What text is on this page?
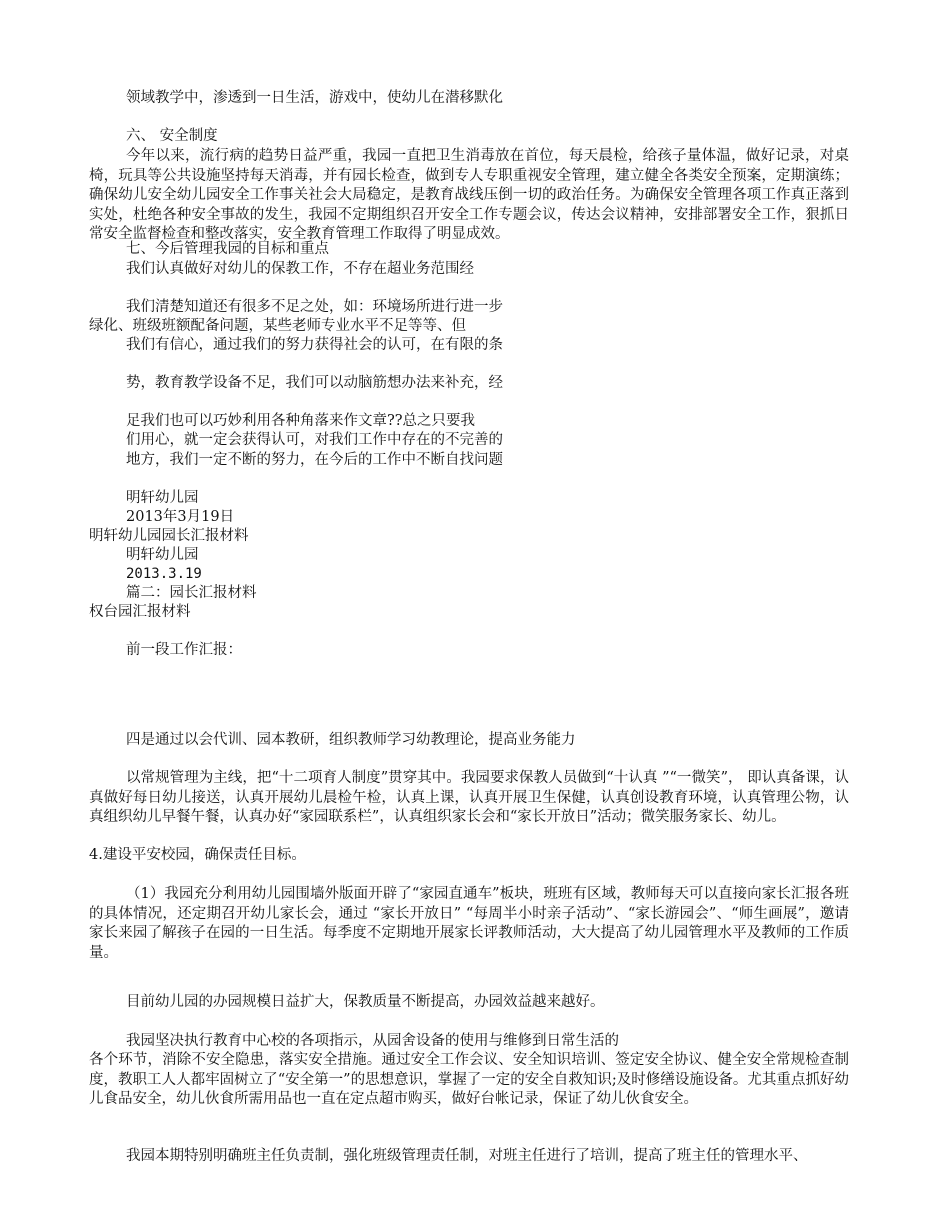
领域教学中，渗透到一日生活，游戏中，使幼儿在潜移默化
六、 安全制度
今年以来，流行病的趋势日益严重，我园一直把卫生消毒放在首位，每天晨检，给孩子量体温，做好记录，对桌椅，玩具等公共设施坚持每天消毒，并有园长检查，做到专人专职重视安全管理，建立健全各类安全预案，定期演练；确保幼儿安全幼儿园安全工作事关社会大局稳定，是教育战线压倒一切的政治任务。为确保安全管理各项工作真正落到实处，杜绝各种安全事故的发生，我园不定期组织召开安全工作专题会议，传达会议精神，安排部署安全工作，狠抓日常安全监督检查和整改落实，安全教育管理工作取得了明显成效。
七、今后管理我园的目标和重点
我们认真做好对幼儿的保教工作，不存在超业务范围经
我们清楚知道还有很多不足之处，如：环境场所进行进一步
绿化、班级班额配备问题，某些老师专业水平不足等等、但
我们有信心，通过我们的努力获得社会的认可，在有限的条
势，教育教学设备不足，我们可以动脑筋想办法来补充，经
足我们也可以巧妙利用各种角落来作文章??总之只要我
们用心，就一定会获得认可，对我们工作中存在的不完善的
地方，我们一定不断的努力，在今后的工作中不断自找问题
明轩幼儿园
2013年3月19日
明轩幼儿园园长汇报材料
明轩幼儿园
2013.3.19
篇二：园长汇报材料
权台园汇报材料
前一段工作汇报：
四是通过以会代训、园本教研，组织教师学习幼教理论，提高业务能力
以常规管理为主线，把“十二项育人制度”贯穿其中。我园要求保教人员做到“十认真 ”“一微笑”， 即认真备课，认真做好每日幼儿接送，认真开展幼儿晨检午检，认真上课，认真开展卫生保健，认真创设教育环境，认真管理公物，认真组织幼儿早餐午餐，认真办好“家园联系栏”，认真组织家长会和“家长开放日”活动；微笑服务家长、幼儿。
4.建设平安校园，确保责任目标。
（1）我园充分利用幼儿园围墙外版面开辟了“家园直通车”板块，班班有区域，教师每天可以直接向家长汇报各班的具体情况，还定期召开幼儿家长会，通过 “家长开放日” “每周半小时亲子活动”、“家长游园会”、“师生画展”，邀请家长来园了解孩子在园的一日生活。每季度不定期地开展家长评教师活动，大大提高了幼儿园管理水平及教师的工作质量。
目前幼儿园的办园规模日益扩大，保教质量不断提高，办园效益越来越好。
我园坚决执行教育中心校的各项指示，从园舍设备的使用与维修到日常生活的
各个环节，消除不安全隐患，落实安全措施。通过安全工作会议、安全知识培训、签定安全协议、健全安全常规检查制度，教职工人人都牢固树立了“安全第一”的思想意识，掌握了一定的安全自救知识;及时修缮设施设备。尤其重点抓好幼儿食品安全，幼儿伙食所需用品也一直在定点超市购买，做好台帐记录，保证了幼儿伙食安全。
我园本期特别明确班主任负责制，强化班级管理责任制，对班主任进行了培训，提高了班主任的管理水平、
